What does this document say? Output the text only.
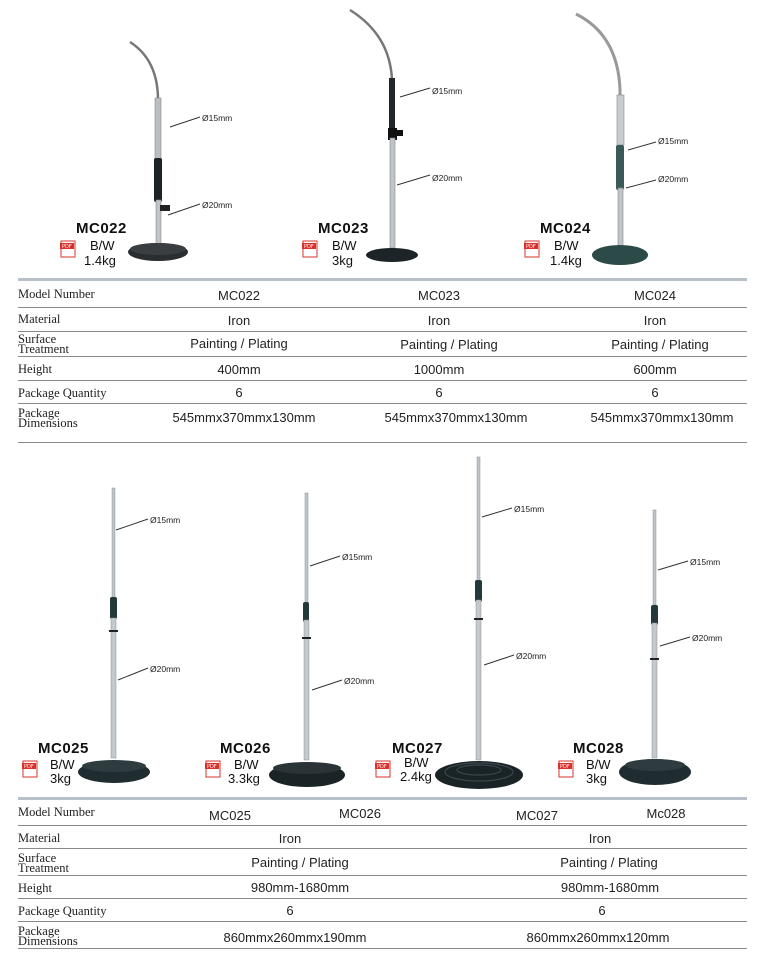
Ø15mm
Ø20mm
MC022
PDF B/W
1.4kg
Ø15mm
Ø20mm
MC023
PDF B/W
3kg
Ø15mm
Ø20mm
MC024
PDF B/W
1.4kg
Model Number	MC022	MC023	MC024
Material	Iron	Iron	Iron
Surface
Treatment	Painting / Plating	Painting / Plating	Painting / Plating
Height	400mm	1000mm	600mm
Package Quantity	6	6	6
Package
Dimensions	545mmx370mmx130mm	545mmx370mmx130mm	545mmx370mmx130mm
Ø15mm
Ø20mm
MC025
PDF B/W
3kg
Ø15mm
Ø20mm
MC026
PDF B/W
3.3kg
Ø15mm
Ø20mm
MC027
PDF B/W
2.4kg
Ø15mm
Ø20mm
MC028
PDF B/W
3kg
Model Number	MC025	MC026	MC027	Mc028
Material	Iron	Iron
Surface
Treatment	Painting / Plating	Painting / Plating
Height	980mm-1680mm	980mm-1680mm
Package Quantity	6	6
Package
Dimensions	860mmx260mmx190mm	860mmx260mmx120mm
